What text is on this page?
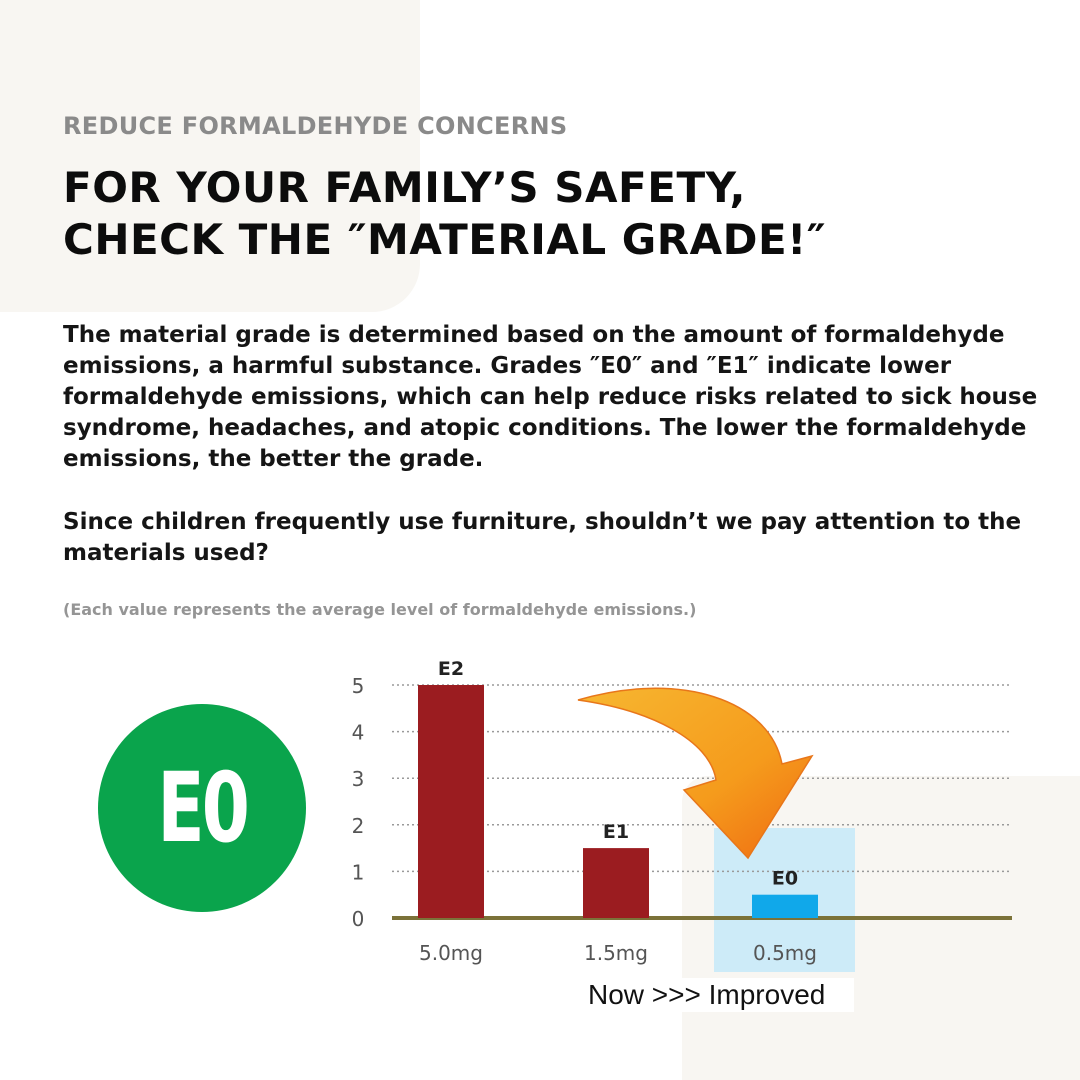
REDUCE FORMALDEHYDE CONCERNS
FOR YOUR FAMILY’S SAFETY,
CHECK THE ″MATERIAL GRADE!″

The material grade is determined based on the amount of formaldehyde emissions, a harmful substance. Grades ″E0″ and ″E1″ indicate lower formaldehyde emissions, which can help reduce risks related to sick house syndrome, headaches, and atopic conditions. The lower the formaldehyde emissions, the better the grade.

Since children frequently use furniture, shouldn’t we pay attention to the materials used?

(Each value represents the average level of formaldehyde emissions.)

E0
0
1
2
3
4
5
E2
5.0mg
E1
1.5mg
E0
0.5mg

Now >>> Improved
